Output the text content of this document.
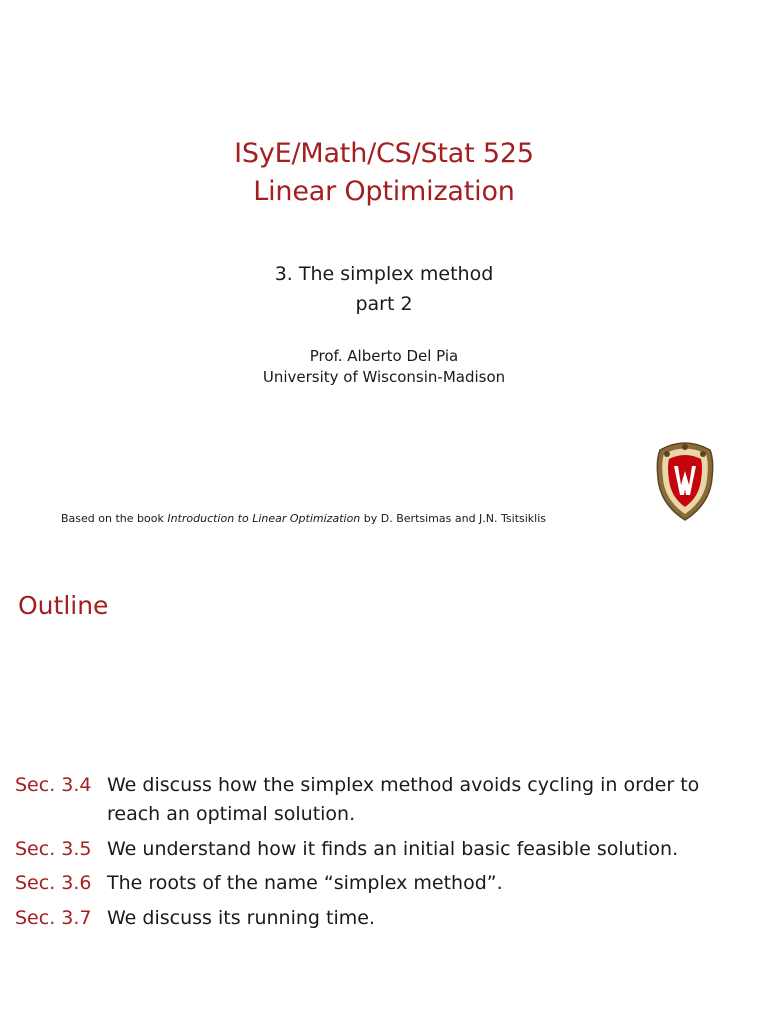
ISyE/Math/CS/Stat 525
Linear Optimization
3. The simplex method
part 2
Prof. Alberto Del Pia
University of Wisconsin-Madison
Based on the book Introduction to Linear Optimization by D. Bertsimas and J.N. Tsitsiklis
Outline
Sec. 3.4 We discuss how the simplex method avoids cycling in order to reach an optimal solution.
Sec. 3.5 We understand how it finds an initial basic feasible solution.
Sec. 3.6 The roots of the name “simplex method”.
Sec. 3.7 We discuss its running time.
